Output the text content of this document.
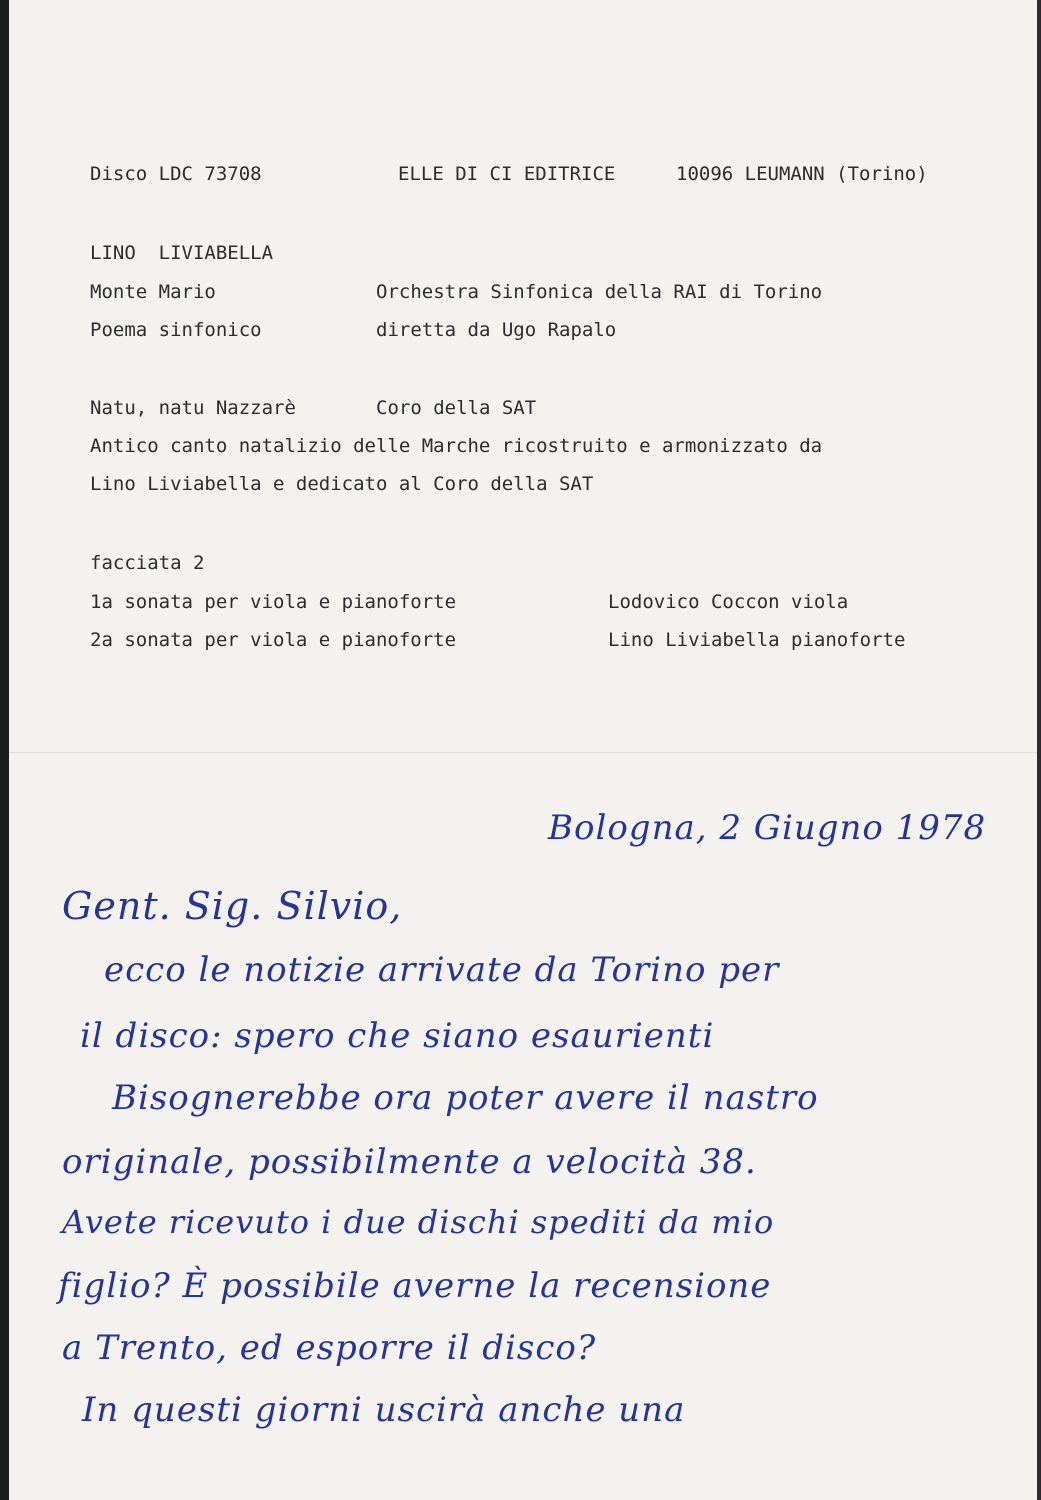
Disco LDC 73708	ELLE DI CI EDITRICE	10096 LEUMANN (Torino)
LINO  LIVIABELLA
Monte Mario	Orchestra Sinfonica della RAI di Torino
Poema sinfonico	diretta da Ugo Rapalo
Natu, natu Nazzarè	Coro della SAT
Antico canto natalizio delle Marche ricostruito e armonizzato da
Lino Liviabella e dedicato al Coro della SAT
facciata 2
1a sonata per viola e pianoforte	Lodovico Coccon viola
2a sonata per viola e pianoforte	Lino Liviabella pianoforte
Bologna, 2 Giugno 1978
Gent. Sig. Silvio,
ecco le notizie arrivate da Torino per
il disco: spero che siano esaurienti
Bisognerebbe ora poter avere il nastro
originale, possibilmente a velocità 38.
Avete ricevuto i due dischi spediti da mio
figlio? È possibile averne la recensione
a Trento, ed esporre il disco?
In questi giorni uscirà anche una
